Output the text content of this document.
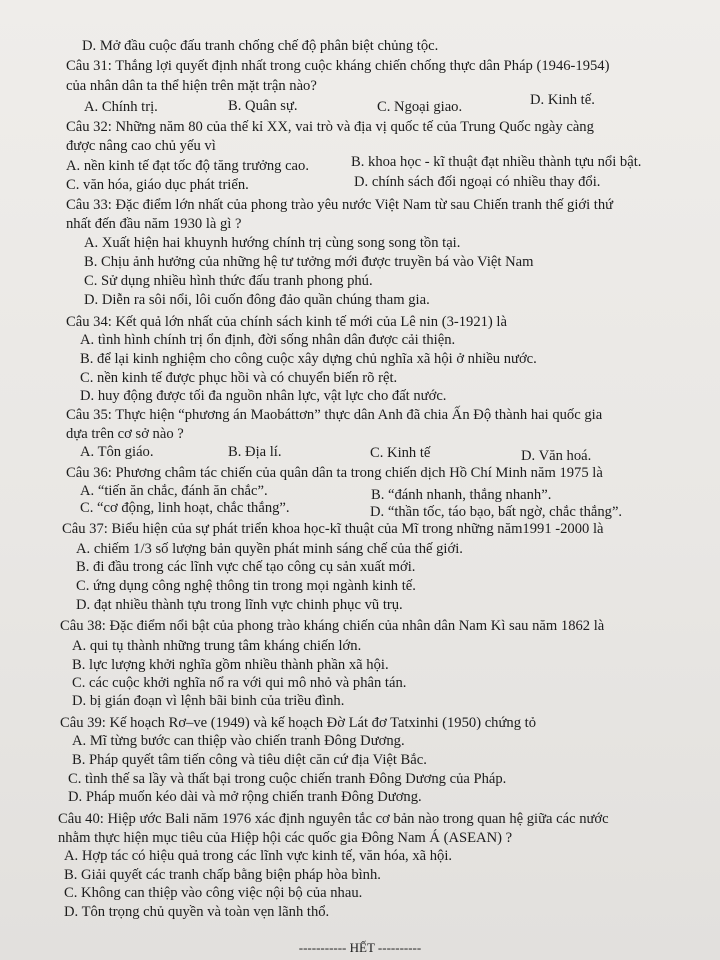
D. Mở đầu cuộc đấu tranh chống chế độ phân biệt chủng tộc.
Câu 31: Thắng lợi quyết định nhất trong cuộc kháng chiến chống thực dân Pháp (1946-1954)
của nhân dân ta thể hiện trên mặt trận nào?
A. Chính trị.	B. Quân sự.	C. Ngoại giao.	D. Kinh tế.
Câu 32: Những năm 80 của thế kỉ XX, vai trò và địa vị quốc tế của Trung Quốc ngày càng
được nâng cao chủ yếu vì
A. nền kinh tế đạt tốc độ tăng trưởng cao.	B. khoa học - kĩ thuật đạt nhiều thành tựu nổi bật.
C. văn hóa, giáo dục phát triển.	D. chính sách đối ngoại có nhiều thay đổi.
Câu 33: Đặc điểm lớn nhất của phong trào yêu nước Việt Nam từ sau Chiến tranh thế giới thứ
nhất đến đầu năm 1930 là gì ?
A. Xuất hiện hai khuynh hướng chính trị cùng song song tồn tại.
B. Chịu ảnh hưởng của những hệ tư tưởng mới được truyền bá vào Việt Nam
C. Sử dụng nhiều hình thức đấu tranh phong phú.
D. Diễn ra sôi nổi, lôi cuốn đông đảo quần chúng tham gia.
Câu 34: Kết quả lớn nhất của chính sách kinh tế mới của Lê nin (3-1921) là
A. tình hình chính trị ổn định, đời sống nhân dân được cải thiện.
B. để lại kinh nghiệm cho công cuộc xây dựng chủ nghĩa xã hội ở nhiều nước.
C. nền kinh tế được phục hồi và có chuyển biến rõ rệt.
D. huy động được tối đa nguồn nhân lực, vật lực cho đất nước.
Câu 35: Thực hiện “phương án Maobáttơn” thực dân Anh đã chia Ấn Độ thành hai quốc gia
dựa trên cơ sở nào ?
A. Tôn giáo.	B. Địa lí.	C. Kinh tế	D. Văn hoá.
Câu 36: Phương châm tác chiến của quân dân ta trong chiến dịch Hồ Chí Minh năm 1975 là
A. “tiến ăn chắc, đánh ăn chắc”.	B. “đánh nhanh, thắng nhanh”.
C. “cơ động, linh hoạt, chắc thắng”.	D. “thần tốc, táo bạo, bất ngờ, chắc thắng”.
Câu 37: Biểu hiện của sự phát triển khoa học-kĩ thuật của Mĩ trong những năm1991 -2000 là
A. chiếm 1/3 số lượng bản quyền phát minh sáng chế của thế giới.
B. đi đầu trong các lĩnh vực chế tạo công cụ sản xuất mới.
C. ứng dụng công nghệ thông tin trong mọi ngành kinh tế.
D. đạt nhiều thành tựu trong lĩnh vực chinh phục vũ trụ.
Câu 38: Đặc điểm nổi bật của phong trào kháng chiến của nhân dân Nam Kì sau năm 1862 là
A. qui tụ thành những trung tâm kháng chiến lớn.
B. lực lượng khởi nghĩa gồm nhiều thành phần xã hội.
C. các cuộc khởi nghĩa nổ ra với qui mô nhỏ và phân tán.
D. bị gián đoạn vì lệnh bãi binh của triều đình.
Câu 39: Kế hoạch Rơ–ve (1949) và kế hoạch Đờ Lát đơ Tatxinhi (1950) chứng tỏ
A. Mĩ từng bước can thiệp vào chiến tranh Đông Dương.
B. Pháp quyết tâm tiến công và tiêu diệt căn cứ địa Việt Bắc.
C. tình thế sa lầy và thất bại trong cuộc chiến tranh Đông Dương của Pháp.
D. Pháp muốn kéo dài và mở rộng chiến tranh Đông Dương.
Câu 40: Hiệp ước Bali năm 1976 xác định nguyên tắc cơ bản nào trong quan hệ giữa các nước
nhằm thực hiện mục tiêu của Hiệp hội các quốc gia Đông Nam Á (ASEAN) ?
A. Hợp tác có hiệu quả trong các lĩnh vực kinh tế, văn hóa, xã hội.
B. Giải quyết các tranh chấp bằng biện pháp hòa bình.
C. Không can thiệp vào công việc nội bộ của nhau.
D. Tôn trọng chủ quyền và toàn vẹn lãnh thổ.
----------- HẾT ----------
